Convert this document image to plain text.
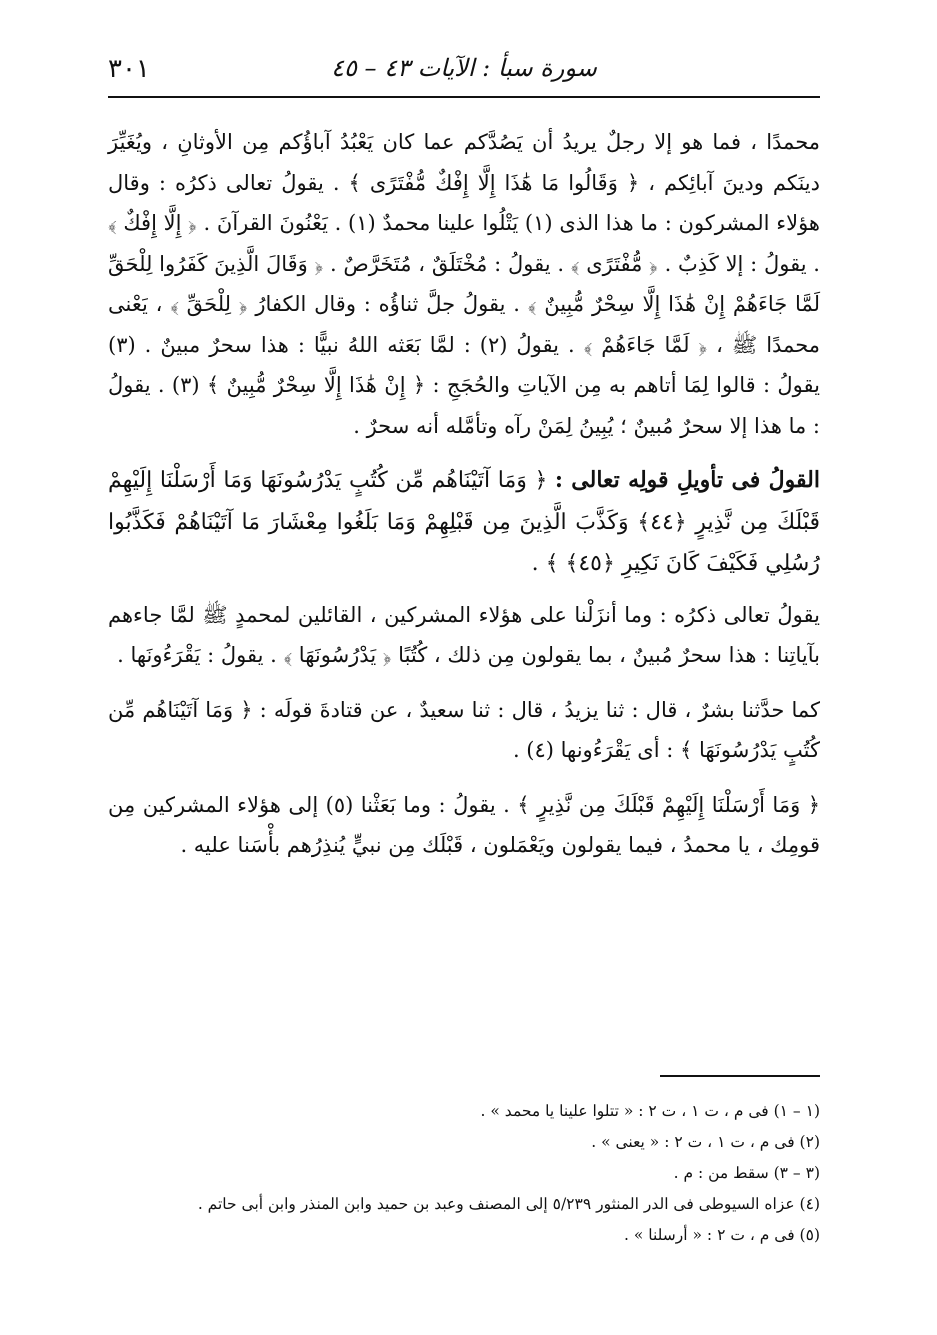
سورة سبأ : الآيات ٤٣ – ٤٥
٣٠١

محمدًا ، فما هو إلا رجلٌ يريدُ أن يَصُدَّكم عما كان يَعْبُدُ آباؤُكم مِن الأوثانِ ، ويُغَيِّرَ دينَكم ودينَ آبائِكم ، ﴿ وَقَالُوا مَا هَٰذَا إِلَّا إِفْكٌ مُّفْتَرًى ﴾ . يقولُ تعالى ذكرُه : وقال هؤلاء المشركون : ما هذا الذى (١) يَتْلُوا علينا محمدٌ (١) . يَعْنُونَ القرآنَ . ﴿ إِلَّا إِفْكٌ ﴾ . يقولُ : إلا كَذِبٌ . ﴿ مُّفْتَرًى ﴾ . يقولُ : مُخْتَلَقٌ ، مُتَخَرَّصٌ . ﴿ وَقَالَ الَّذِينَ كَفَرُوا لِلْحَقِّ لَمَّا جَاءَهُمْ إِنْ هَٰذَا إِلَّا سِحْرٌ مُّبِينٌ ﴾ . يقولُ جلَّ ثناؤُه : وقال الكفارُ ﴿ لِلْحَقِّ ﴾ ، يَعْنى محمدًا ﷺ ، ﴿ لَمَّا جَاءَهُمْ ﴾ . يقولُ (٢) : لمَّا بَعَثه اللهُ نبيًّا : هذا سحرٌ مبينٌ . (٣) يقولُ : قالوا لِمَا أتاهم به مِن الآياتِ والحُجَجِ : ﴿ إِنْ هَٰذَا إِلَّا سِحْرٌ مُّبِينٌ ﴾ (٣) . يقولُ : ما هذا إلا سحرٌ مُبينٌ ؛ يُبِينُ لِمَنْ رآه وتأمَّله أنه سحرٌ .

القولُ فى تأويلِ قولِه تعالى : ﴿ وَمَا آتَيْنَاهُم مِّن كُتُبٍ يَدْرُسُونَهَا وَمَا أَرْسَلْنَا إِلَيْهِمْ قَبْلَكَ مِن نَّذِيرٍ ﴿٤٤﴾ وَكَذَّبَ الَّذِينَ مِن قَبْلِهِمْ وَمَا بَلَغُوا مِعْشَارَ مَا آتَيْنَاهُمْ فَكَذَّبُوا رُسُلِي فَكَيْفَ كَانَ نَكِيرِ ﴿٤٥﴾ ﴾ .

يقولُ تعالى ذكرُه : وما أنزَلْنا على هؤلاء المشركين ، القائلين لمحمدٍ ﷺ لمَّا جاءهم بآياتِنا : هذا سحرٌ مُبينٌ ، بما يقولون مِن ذلك ، كُتُبًا ﴿ يَدْرُسُونَهَا ﴾ . يقولُ : يَقْرَءُونَها .

كما حدَّثنا بشرٌ ، قال : ثنا يزيدُ ، قال : ثنا سعيدٌ ، عن قتادةَ قولَه : ﴿ وَمَا آتَيْنَاهُم مِّن كُتُبٍ يَدْرُسُونَهَا ﴾ : أى يَقْرَءُونها (٤) .

﴿ وَمَا أَرْسَلْنَا إِلَيْهِمْ قَبْلَكَ مِن نَّذِيرٍ ﴾ . يقولُ : وما بَعَثْنا (٥) إلى هؤلاء المشركين مِن قومِك ، يا محمدُ ، فيما يقولون ويَعْمَلون ، قَبْلَك مِن نبيٍّ يُنذِرُهم بأْسَنا عليه .

(١ – ١) فى م ، ت ١ ، ت ٢ : « تتلوا علينا يا محمد » .
(٢) فى م ، ت ١ ، ت ٢ : « يعنى » .
(٣ – ٣) سقط من : م .
(٤) عزاه السيوطى فى الدر المنثور ٥/٢٣٩ إلى المصنف وعبد بن حميد وابن المنذر وابن أبى حاتم .
(٥) فى م ، ت ٢ : « أرسلنا » .
